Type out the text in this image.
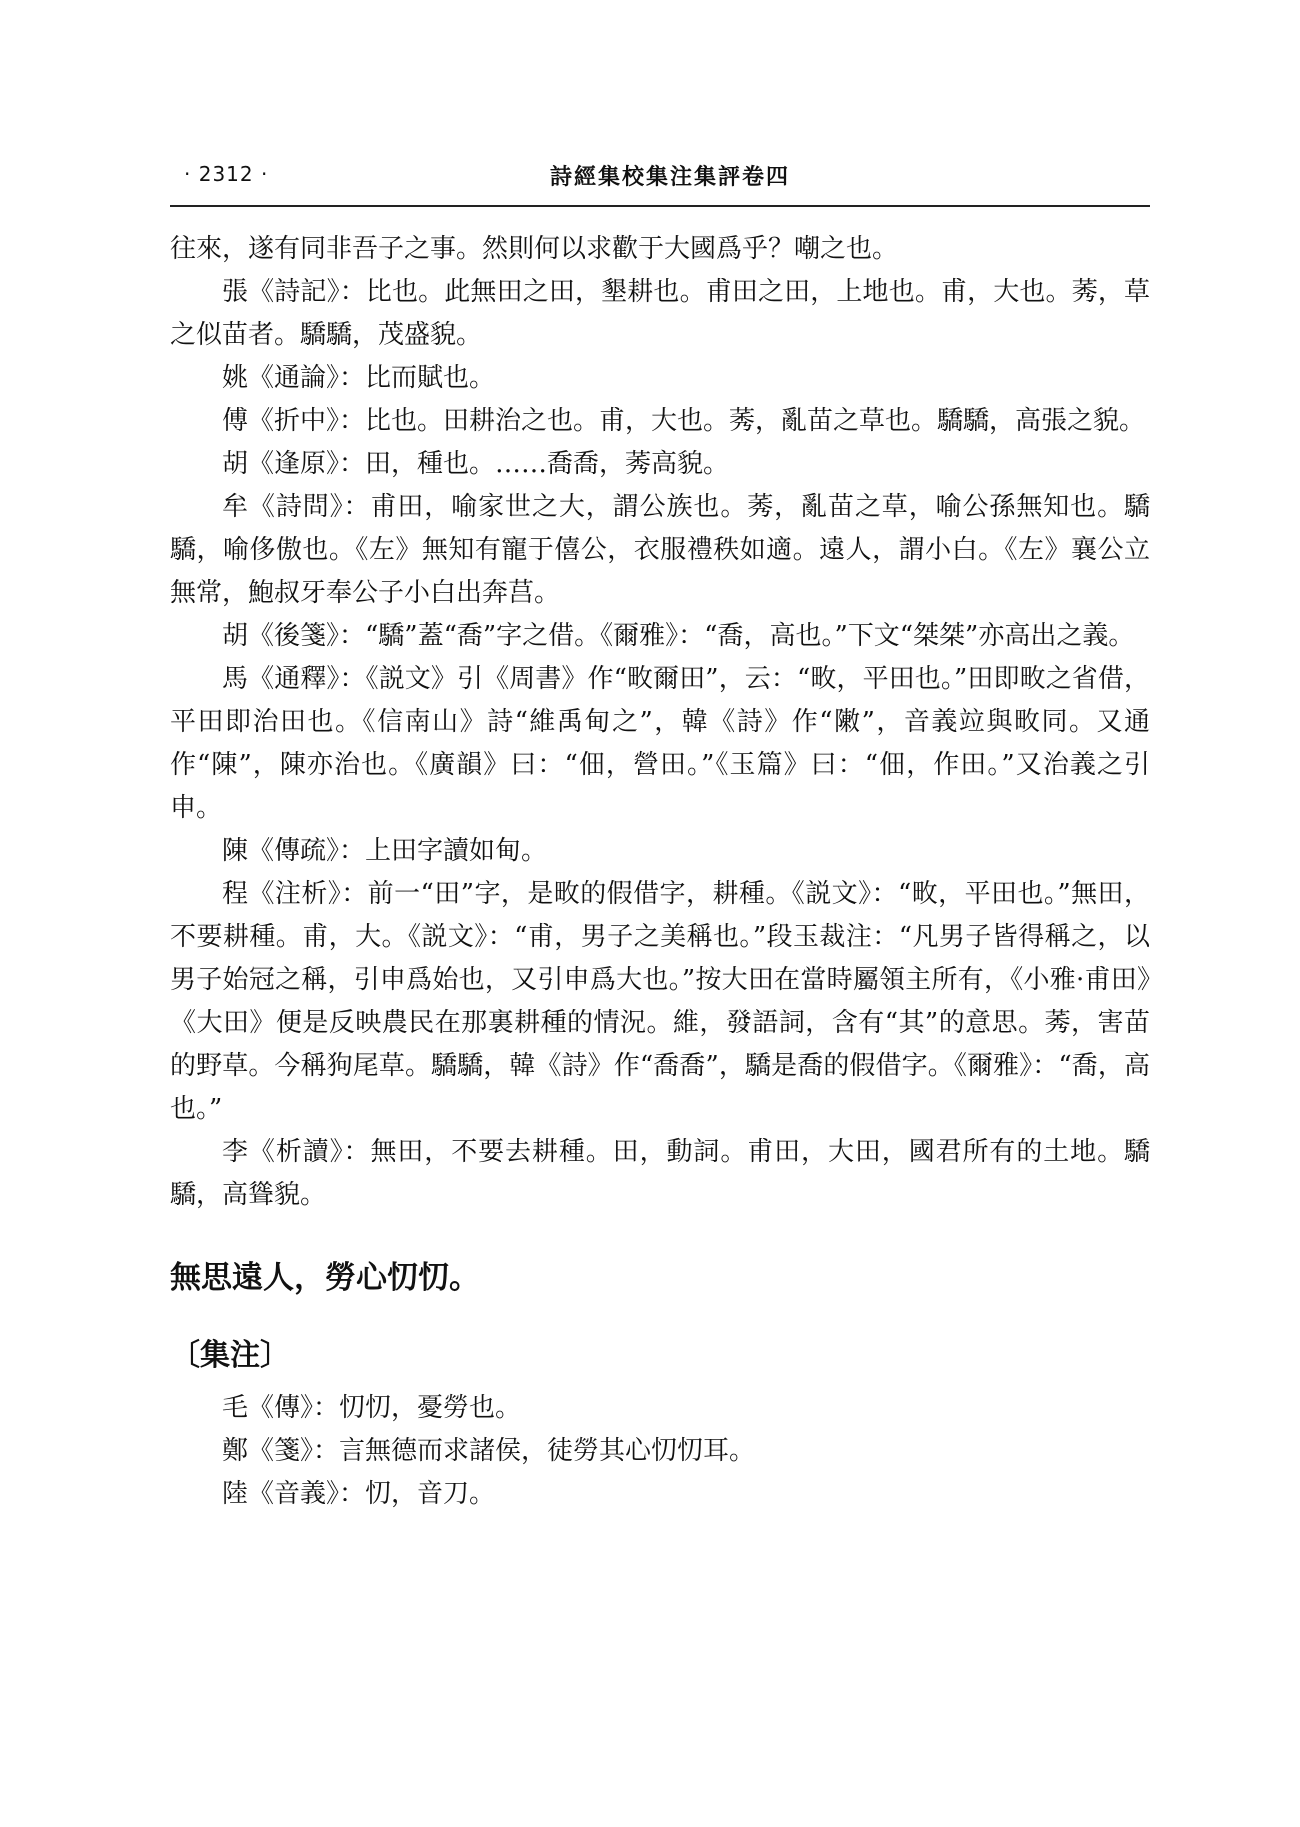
· 2312 ·	詩經集校集注集評卷四

往來，遂有同非吾子之事。然則何以求歡于大國爲乎？嘲之也。

張《詩記》：比也。此無田之田，墾耕也。甫田之田，上地也。甫，大也。莠，草之似苗者。驕驕，茂盛貌。

姚《通論》：比而賦也。

傅《折中》：比也。田耕治之也。甫，大也。莠，亂苗之草也。驕驕，高張之貌。

胡《逢原》：田，種也。……喬喬，莠高貌。

牟《詩問》：甫田，喻家世之大，謂公族也。莠，亂苗之草，喻公孫無知也。驕驕，喻侈傲也。《左》無知有寵于僖公，衣服禮秩如適。遠人，謂小白。《左》襄公立無常，鮑叔牙奉公子小白出奔莒。

胡《後箋》：“驕”蓋“喬”字之借。《爾雅》：“喬，高也。”下文“桀桀”亦高出之義。

馬《通釋》：《説文》引《周書》作“畋爾田”，云：“畋，平田也。”田即畋之省借，平田即治田也。《信南山》詩“維禹甸之”，韓《詩》作“敶”，音義竝與畋同。又通作“陳”，陳亦治也。《廣韻》曰：“佃，營田。”《玉篇》曰：“佃，作田。”又治義之引申。

陳《傳疏》：上田字讀如甸。

程《注析》：前一“田”字，是畋的假借字，耕種。《説文》：“畋，平田也。”無田，不要耕種。甫，大。《説文》：“甫，男子之美稱也。”段玉裁注：“凡男子皆得稱之，以男子始冠之稱，引申爲始也，又引申爲大也。”按大田在當時屬領主所有，《小雅·甫田》《大田》便是反映農民在那裏耕種的情況。維，發語詞，含有“其”的意思。莠，害苗的野草。今稱狗尾草。驕驕，韓《詩》作“喬喬”，驕是喬的假借字。《爾雅》：“喬，高也。”

李《析讀》：無田，不要去耕種。田，動詞。甫田，大田，國君所有的土地。驕驕，高聳貌。

無思遠人，勞心忉忉。

〔集注〕

毛《傳》：忉忉，憂勞也。

鄭《箋》：言無德而求諸侯，徒勞其心忉忉耳。

陸《音義》：忉，音刀。
